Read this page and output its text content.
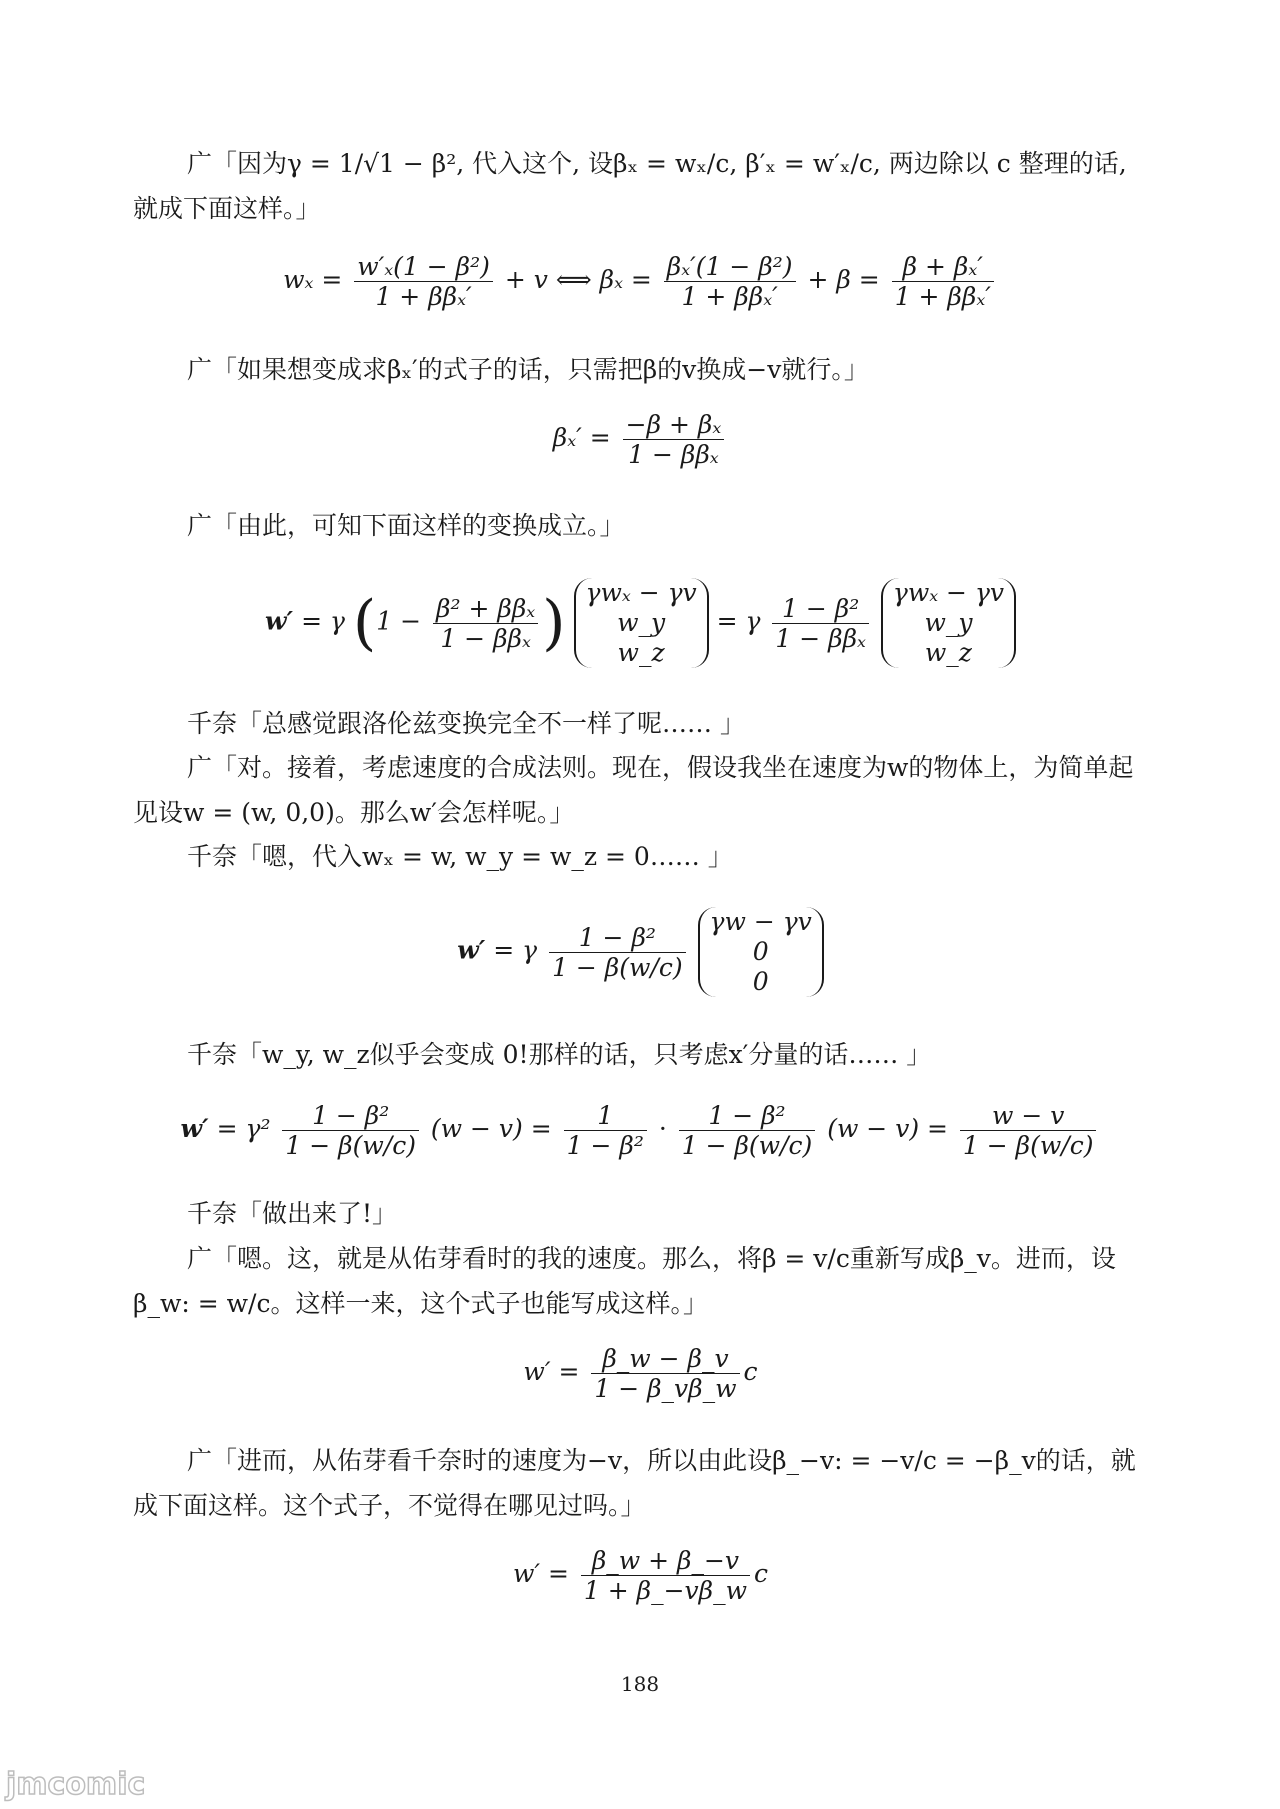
广「因为γ = 1/√1 − β², 代入这个, 设βₓ = wₓ/c, β′ₓ = w′ₓ/c, 两边除以 c 整理的话,就成下面这样。」

$w_x = \frac{\text{w′ₓ(1 − β²)}}{\text{1 + ββₓ′}} + v$ ⟺ $\beta_x = \frac{\text{βₓ′(1 − β²)}}{\text{1 + ββₓ′}} + \beta = \frac{\text{β + βₓ′}}{\text{1 + ββₓ′}}$

广「如果想变成求βₓ′的式子的话，只需把β的v换成−v就行。」

$\beta_x' = \frac{\text{−β + βₓ}}{\text{1 − ββₓ}}$

广「由此，可知下面这样的变换成立。」

w′ = γ ($1 - \frac{\text{β² + ββₓ}}{\text{1 − ββₓ}}$ ) γwₓ − γv
w_y
w_z
= γ $\frac{\text{1 − β²}}{\text{1 − ββₓ}}$

γwₓ − γv
w_y
w_z

千奈「总感觉跟洛伦兹变换完全不一样了呢…… 」

广「对。接着，考虑速度的合成法则。现在，假设我坐在速度为w的物体上，为简单起见设w = (w, 0,0)。那么w′会怎样呢。」

千奈「嗯，代入wₓ = w, w_y = w_z = 0…… 」

w′ = γ $\frac{\text{1 − β²}}{1 - \beta(w/c)}$

γw − γv
0
0

千奈「w_y, w_z似乎会变成 0!那样的话，只考虑x′分量的话…… 」

$w' = \gamma^2 \frac{\text{1 − β²}}{1 - \beta(w/c)} (w - v) = \frac{1}{\text{1 − β²}} \cdot \frac{\text{1 − β²}}{1 - \beta(w/c)} (w - v) = \frac{w - v}{1 - \beta(w/c)}$

千奈「做出来了!」

广「嗯。这，就是从佑芽看时的我的速度。那么，将β = v/c重新写成β_v。进而，设β_w: = w/c。这样一来，这个式子也能写成这样。」

$w' = \frac{\beta\_w - \beta\_v}{1 - \beta\_v\beta\_w}$ c

广「进而，从佑芽看千奈时的速度为−v，所以由此设β_−v: = −v/c = −β_v的话，就成下面这样。这个式子，不觉得在哪见过吗。」

$w' = \frac{\beta\_w + \beta\_-v}{1 + \beta\_-v\beta\_w}$ c
188
jmcomic
